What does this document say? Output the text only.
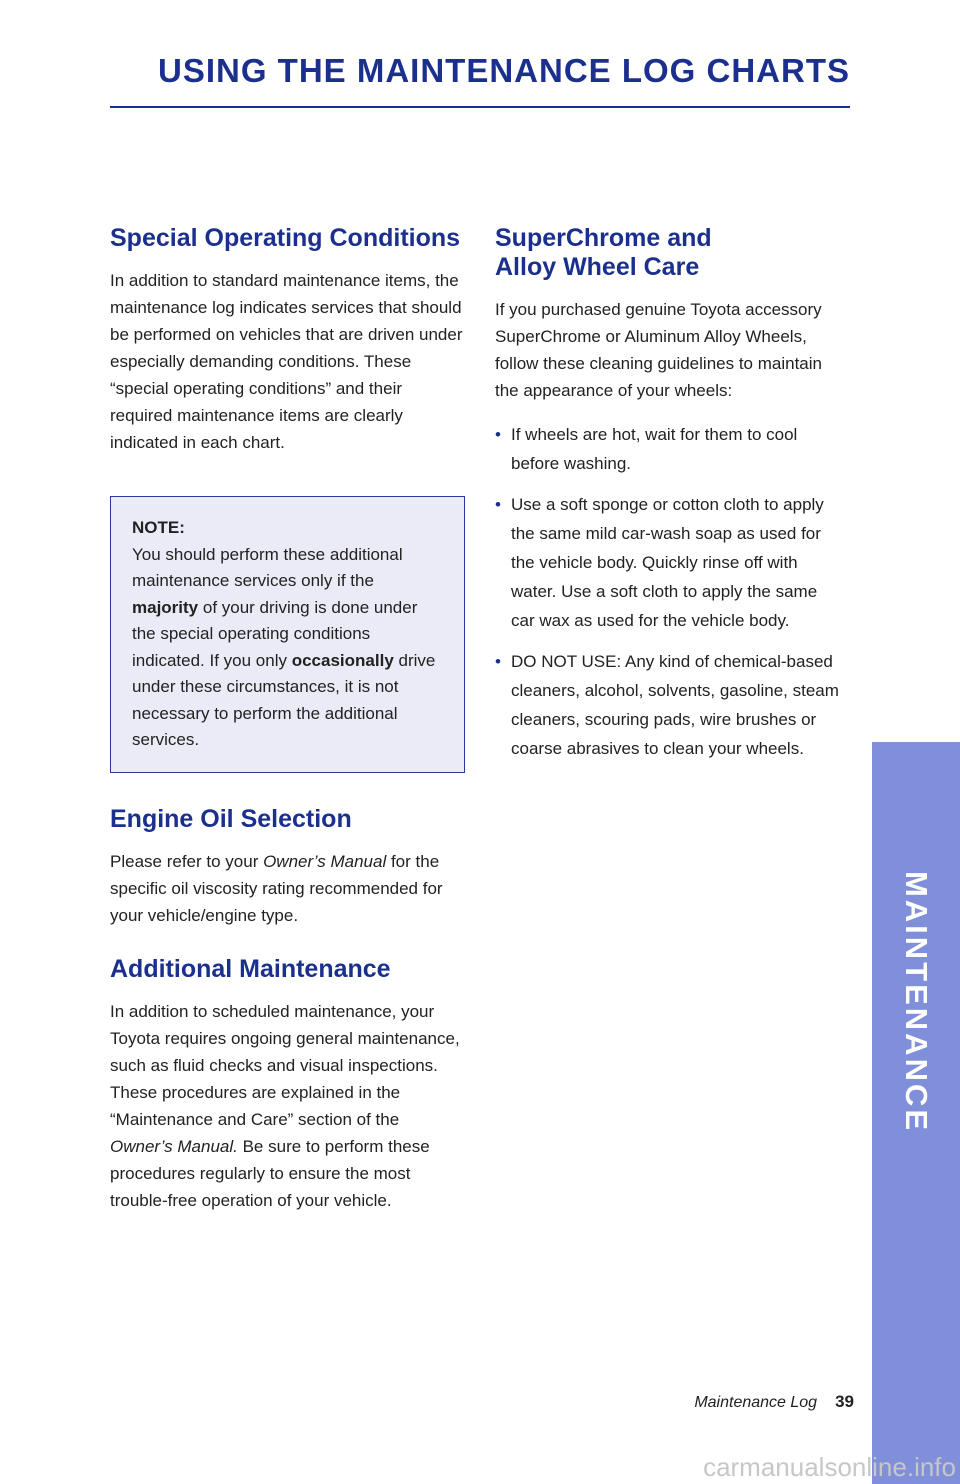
USING THE MAINTENANCE LOG CHARTS
Special Operating Conditions

In addition to standard maintenance items, the maintenance log indicates services that should be performed on vehicles that are driven under especially demanding conditions. These “special operating conditions” and their required maintenance items are clearly indicated in each chart.

NOTE:

You should perform these additional maintenance services only if the majority of your driving is done under the special operating conditions indicated. If you only occasionally drive under these circumstances, it is not necessary to perform the additional services.

Engine Oil Selection

Please refer to your Owner’s Manual for the specific oil viscosity rating recommended for your vehicle/engine type.

Additional Maintenance

In addition to scheduled maintenance, your Toyota requires ongoing general maintenance, such as fluid checks and visual inspections. These procedures are explained in the “Maintenance and Care” section of the Owner’s Manual. Be sure to perform these procedures regularly to ensure the most trouble-free operation of your vehicle.

SuperChrome and
Alloy Wheel Care

If you purchased genuine Toyota accessory SuperChrome or Aluminum Alloy Wheels, follow these cleaning guidelines to maintain the appearance of your wheels:

• If wheels are hot, wait for them to cool before washing.
• Use a soft sponge or cotton cloth to apply the same mild car-wash soap as used for the vehicle body. Quickly rinse off with water. Use a soft cloth to apply the same car wax as used for the vehicle body.
• DO NOT USE: Any kind of chemical-based cleaners, alcohol, solvents, gasoline, steam cleaners, scouring pads, wire brushes or coarse abrasives to clean your wheels.
MAINTENANCE
Maintenance Log 39
carmanualsonline.info
